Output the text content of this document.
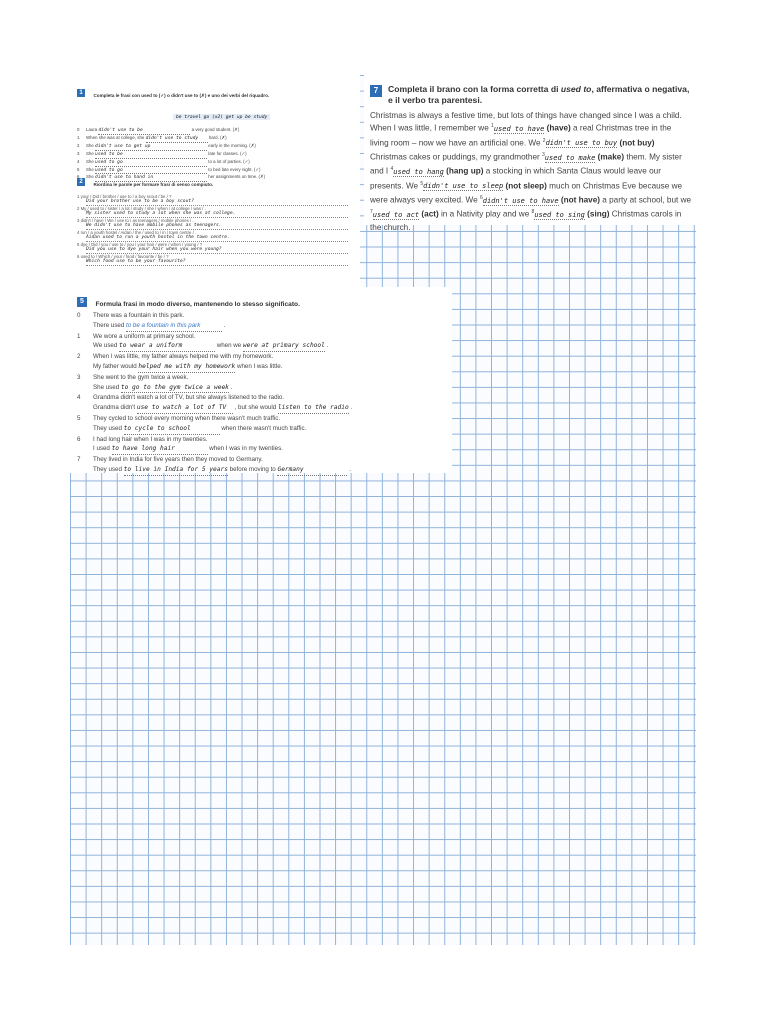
1 Completa le frasi con used to (✓) o didn't use to (✗) e uno dei verbi del riquadro.
be travel go (x2) get up be study
0 Laura didn't use to be	a very good student. (✗)
1 When she was at college, she didn't use to study hard. (✗)
2 She didn't use to get up	early in the morning. (✗)
3 She used to be	late for classes. (✓)
4 She used to go	to a lot of parties. (✓)
5 She used to go	to bed late every night. (✓)
She didn't use to hand in	her assignments on time. (✗)
2 Riordina le parole per formare frasi di senso compiuto.
1 your / Did / brother / use to / a boy scout / be / ?
Did your brother use to be a boy scout?
2 My / used to / sister / a lot / study / she / when / at college / was / .
My sister used to study a lot when she was at college.
3 didn't / have / We / use to / as teenagers / mobile phones / .
We didn't use to have mobile phones as teenagers.
4 run / a youth hostel / Aidan / the / used to / in / town centre / .
Aidan used to run a youth hostel in the town centre.
5 dye / Did / you / use to / you / your hair / were / when / young / ?
Did you use to dye your hair when you were young?
6 used to / Which / your / food / favourite / be / ?
Which food use to be your favourite?
7	Completa il brano con la forma corretta di used to, affermativa o negativa, e il verbo tra parentesi.
Christmas is always a festive time, but lots of things have changed since I was a child. When I was little, I remember we $^1$used to have (have) a real Christmas tree in the living room – now we have an artificial one. We $^2$didn't use to buy (not buy) Christmas cakes or puddings, my grandmother $^3$used to make (make) them. My sister and I $^4$used to hang (hang up) a stocking in which Santa Claus would leave our presents. We $^5$didn't use to sleep (not sleep) much on Christmas Eve because we were always very excited. We $^6$didn't use to have (not have) a party at school, but we $^7$used to act (act) in a Nativity play and we $^8$used to sing (sing) Christmas carols in the church.
5 Formula frasi in modo diverso, mantenendo lo stesso significato.
0 There was a fountain in this park.
There used to be a fountain in this park	.
1 We wore a uniform at primary school.
We used to wear a uniform	when we were at primary school .
2 When I was little, my father always helped me with my homework.
My father would helped me with my homework when I was little.
3 She went to the gym twice a week.
She used to go to the gym twice a week .
4 Grandma didn't watch a lot of TV, but she always listened to the radio.
Grandma didn't use to watch a lot of TV , but she would listen to the radio .
5 They cycled to school every morning when there wasn't much traffic.
They used to cycle to school	when there wasn't much traffic.
6 I had long hair when I was in my twenties.
I used to have long hair	when I was in my twenties.
7 They lived in India for five years then they moved to Germany.
They used to live in India for 5 years before moving to Germany	.
